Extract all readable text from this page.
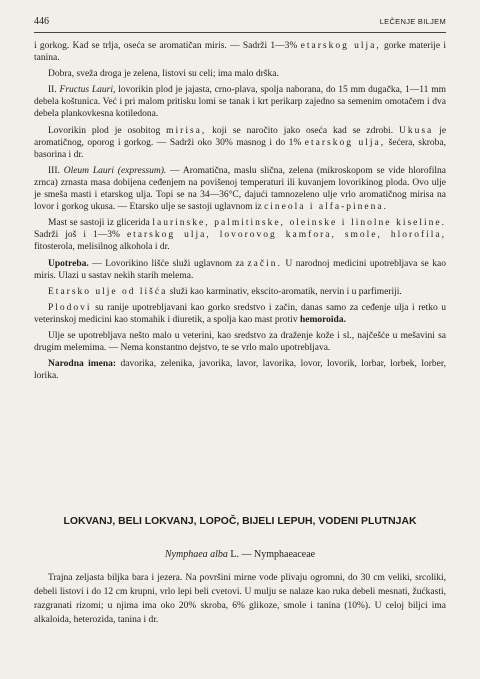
446	LEČENJE BILJEM

i gorkog. Kad se trlja, oseća se aromatičan miris. — Sadrži 1—3% etarskog ulja, gorke materije i tanina.

Dobra, sveža droga je zelena, listovi su celi; ima malo drška.

II. Fructus Lauri, lovorikin plod je jajasta, crno-plava, spolja naborana, do 15 mm dugačka, 1—11 mm debela koštunica. Već i pri malom pritisku lomi se tanak i krt perikarp zajedno sa semenim omotačem i dva debela plankovkesna kotiledona.

Lovorikin plod je osobitog mirisa, koji se naročito jako oseća kad se zdrobi. Ukusa je aromatičnog, oporog i gorkog. — Sadrži oko 30% masnog i do 1% etarskog ulja, šećera, skroba, basorina i dr.

III. Oleum Lauri (expressum). — Aromatična, maslu slična, zelena (mikroskopom se vide hlorofilna zrnca) zrnasta masa dobijena ceđenjem na povišenoj temperaturi ili kuvanjem lovorikinog ploda. Ovo ulje je smeša masti i etarskog ulja. Topi se na 34—36°C, dajući tamnozeleno ulje vrlo aromatičnog mirisa na lovor i gorkog ukusa. — Etarsko ulje se sastoji uglavnom iz cineola i alfa-pinena.

Mast se sastoji iz glicerida laurinske, palmitinske, oleinske i linolne kiseline. Sadrži još i 1—3% etarskog ulja, lovorovog kamfora, smole, hlorofila, fitosterola, melisilnog alkohola i dr.

Upotreba. — Lovorikino lišće služi uglavnom za začin. U narodnoj medicini upotrebljava se kao miris. Ulazi u sastav nekih starih melema.

Etarsko ulje od lišća služi kao karminativ, ekscito-aromatik, nervin i u parfimeriji.

Plodovi su ranije upotrebljavani kao gorko sredstvo i začin, danas samo za ceđenje ulja i retko u veterinskoj medicini kao stomahik i diuretik, a spolja kao mast protiv hemoroida.

Ulje se upotrebljava nešto malo u veterini, kao sredstvo za draženje kože i sl., najčešće u mešavini sa drugim melemima. — Nema konstantno dejstvo, te se vrlo malo upotrebljava.

Narodna imena: davorika, zelenika, javorika, lavor, lavorika, lovor, lovorik, lorbar, lorbek, lorber, lorika.

LOKVANJ, BELI LOKVANJ, LOPOČ, BIJELI LEPUH, VODENI PLUTNJAK
Nymphaea alba L. — Nymphaeaceae

Trajna zeljasta biljka bara i jezera. Na površini mirne vode plivaju ogromni, do 30 cm veliki, srcoliki, debeli listovi i do 12 cm krupni, vrlo lepi beli cvetovi. U mulju se nalaze kao ruka debeli mesnati, žućkasti, razgranati rizomi; u njima ima oko 20% skroba, 6% glikoze, smole i tanina (10%). U celoj biljci ima alkaloida, heterozida, tanina i dr.
